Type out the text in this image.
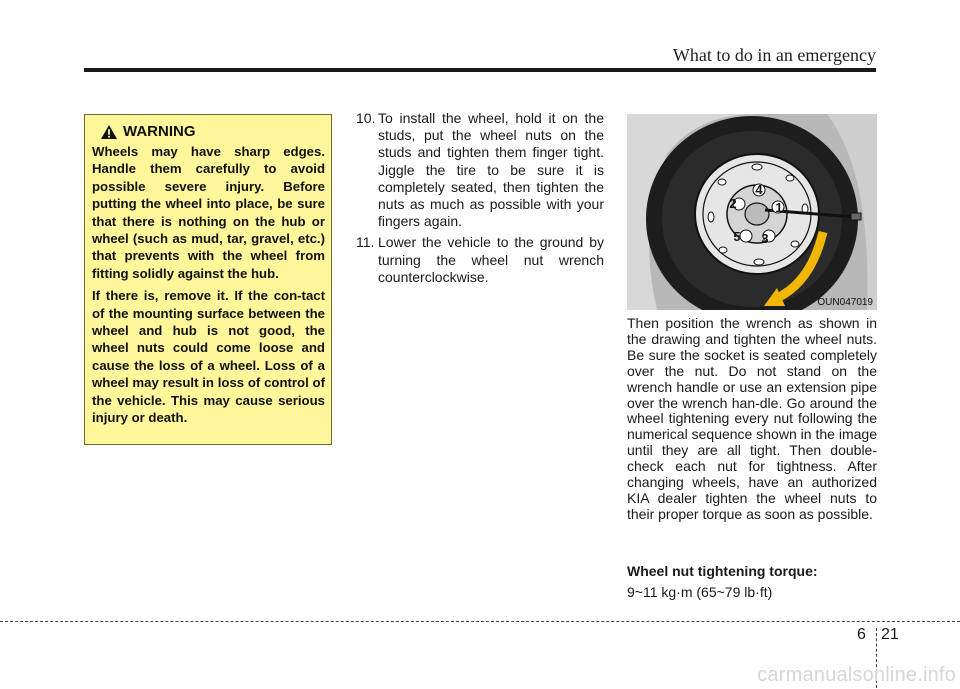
What to do in an emergency
WARNING

Wheels may have sharp edges. Handle them carefully to avoid possible severe injury. Before putting the wheel into place, be sure that there is nothing on the hub or wheel (such as mud, tar, gravel, etc.) that prevents with the wheel from fitting solidly against the hub.

If there is, remove it. If the con-tact of the mounting surface between the wheel and hub is not good, the wheel nuts could come loose and cause the loss of a wheel. Loss of a wheel may result in loss of control of the vehicle. This may cause serious injury or death.

10. To install the wheel, hold it on the studs, put the wheel nuts on the studs and tighten them finger tight. Jiggle the tire to be sure it is completely seated, then tighten the nuts as much as possible with your fingers again.
11. Lower the vehicle to the ground by turning the wheel nut wrench counterclockwise.
1
2
3
4
5
OUN047019

Then position the wrench as shown in the drawing and tighten the wheel nuts. Be sure the socket is seated completely over the nut. Do not stand on the wrench handle or use an extension pipe over the wrench han-dle. Go around the wheel tightening every nut following the numerical sequence shown in the image until they are all tight. Then double-check each nut for tightness. After changing wheels, have an authorized KIA dealer tighten the wheel nuts to their proper torque as soon as possible.

Wheel nut tightening torque:

9~11 kg·m (65~79 lb·ft)

6 21
carmanualsonline.info
